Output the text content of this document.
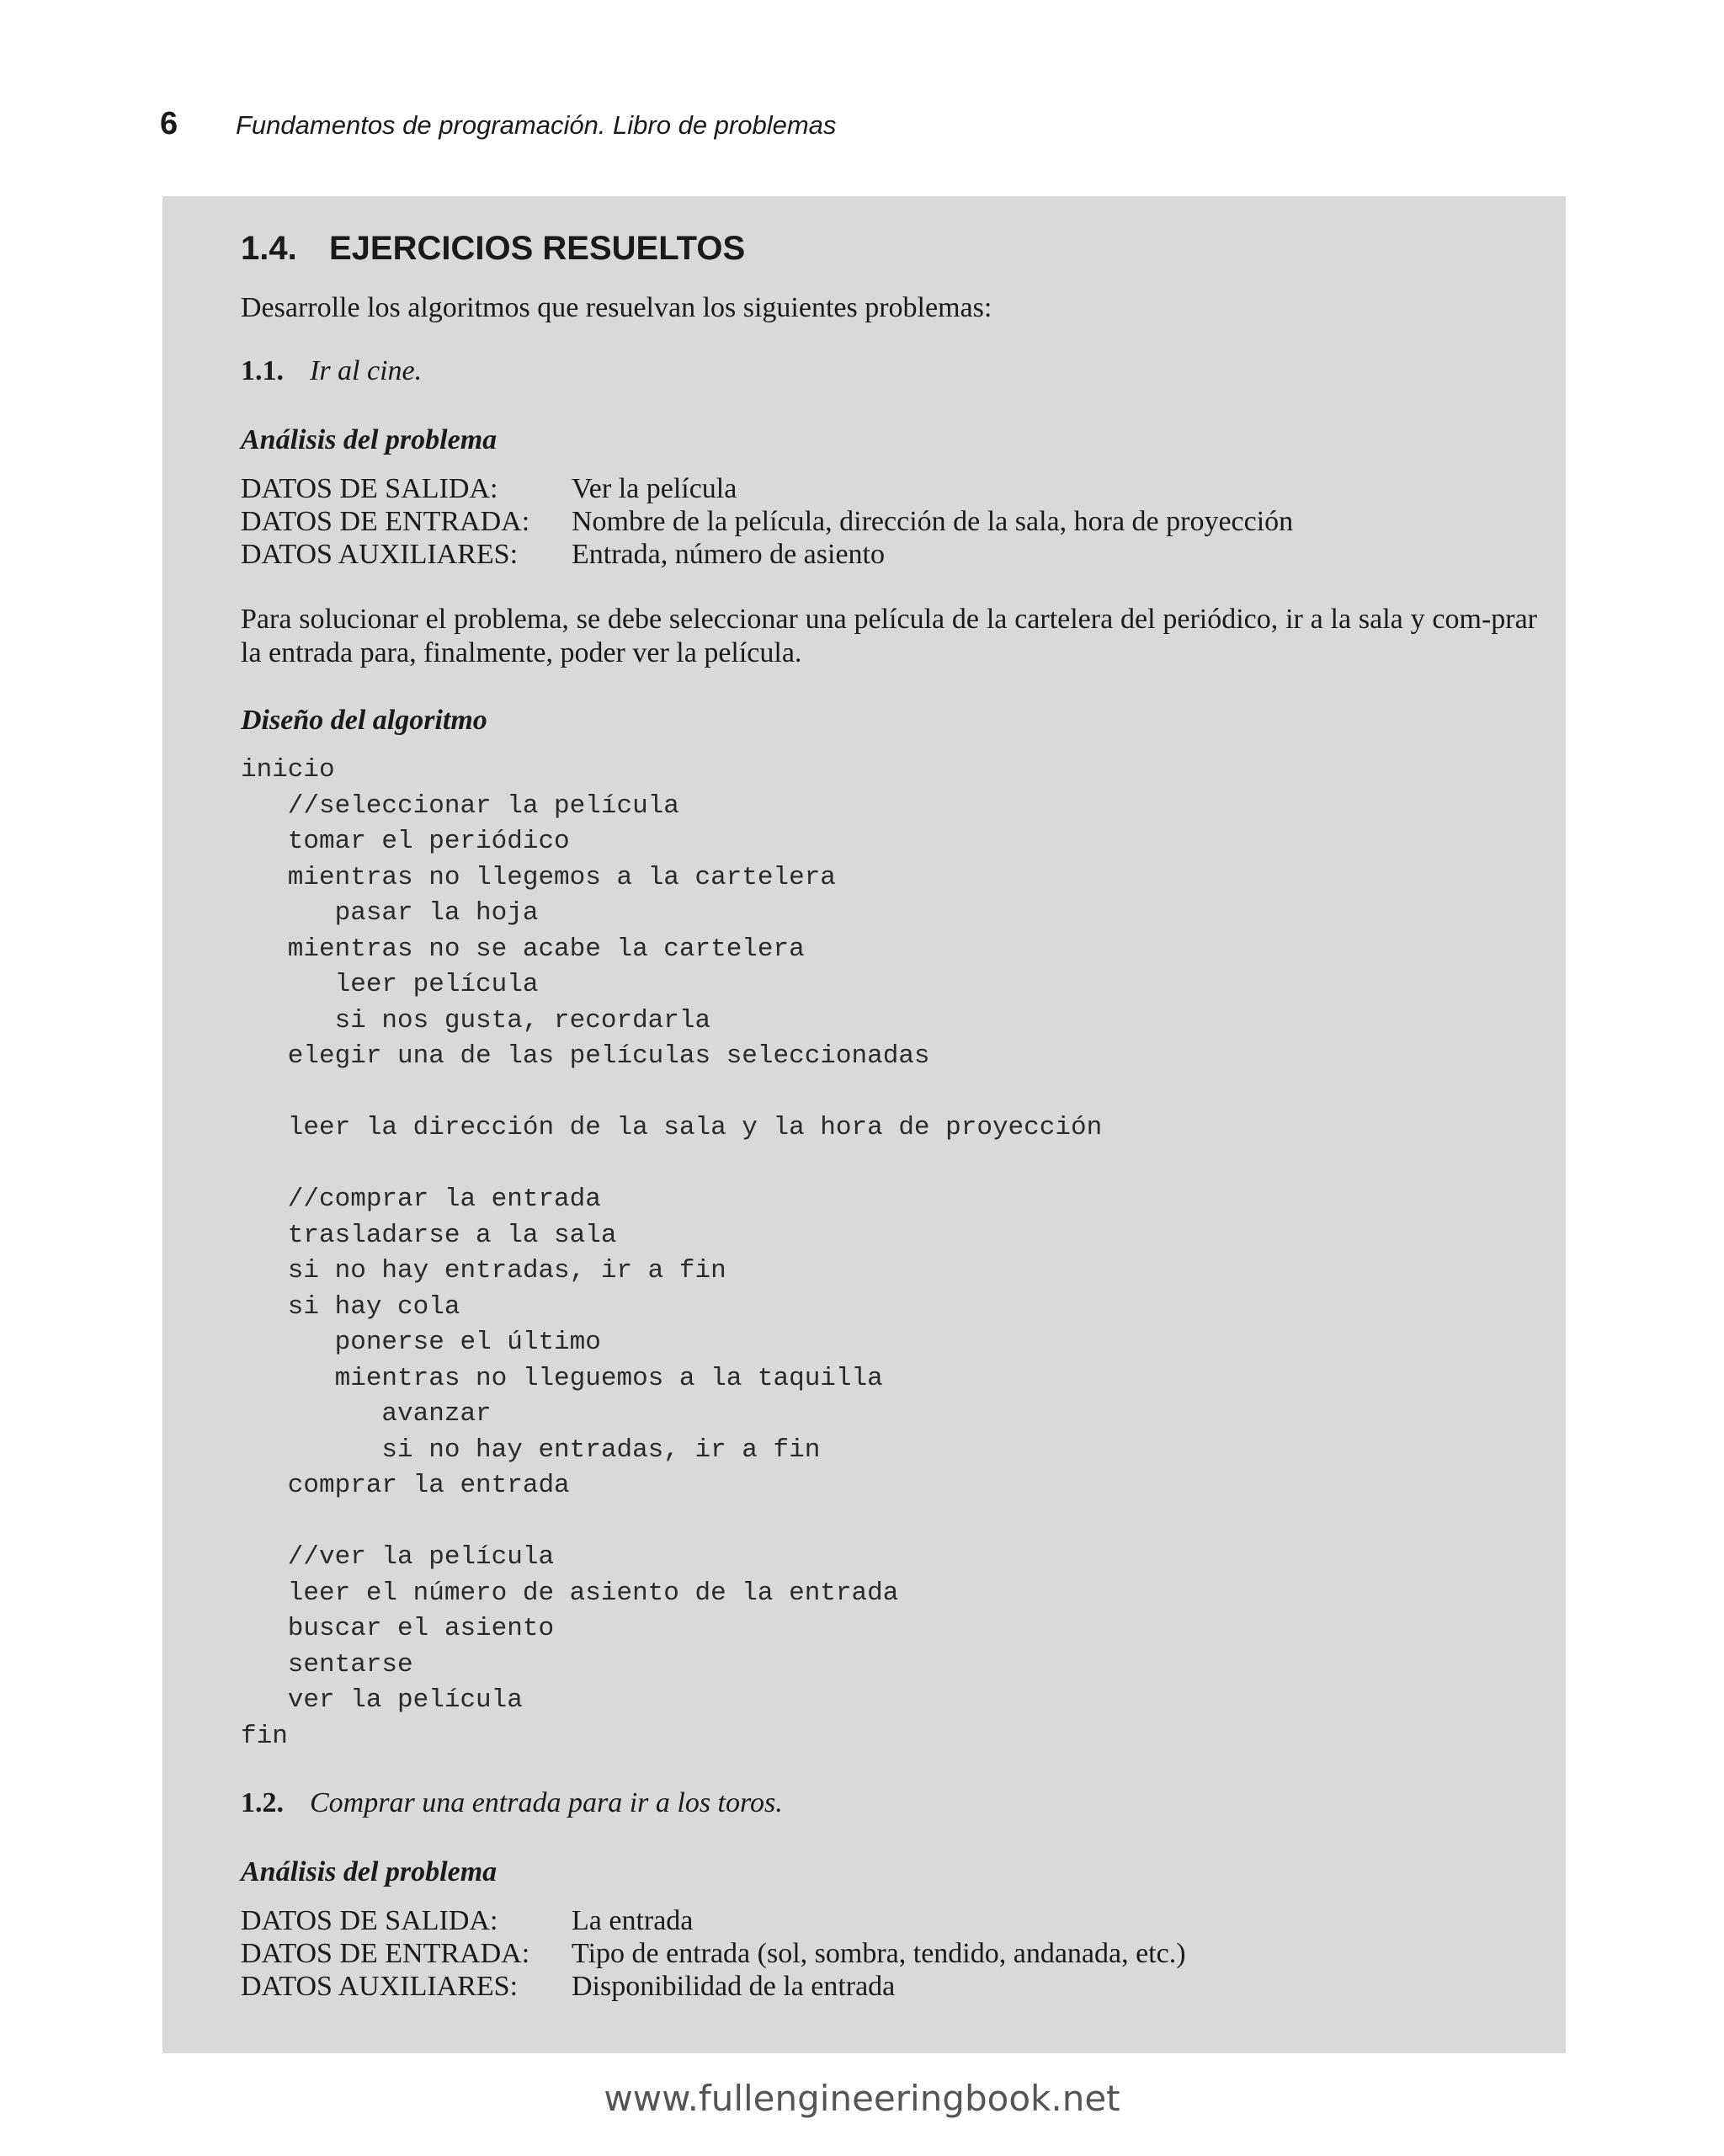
6	Fundamentos de programación. Libro de problemas
1.4. EJERCICIOS RESUELTOS

Desarrolle los algoritmos que resuelvan los siguientes problemas:

1.1. Ir al cine.
Análisis del problema
DATOS DE SALIDA:	Ver la película
DATOS DE ENTRADA:	Nombre de la película, dirección de la sala, hora de proyección
DATOS AUXILIARES:	Entrada, número de asiento

Para solucionar el problema, se debe seleccionar una película de la cartelera del periódico, ir a la sala y com-prar la entrada para, finalmente, poder ver la película.

Diseño del algoritmo
inicio
//seleccionar la película
tomar el periódico
mientras no llegemos a la cartelera
pasar la hoja
mientras no se acabe la cartelera
leer película
si nos gusta, recordarla
elegir una de las películas seleccionadas
leer la dirección de la sala y la hora de proyección
//comprar la entrada
trasladarse a la sala
si no hay entradas, ir a fin
si hay cola
ponerse el último
mientras no lleguemos a la taquilla
avanzar
si no hay entradas, ir a fin
comprar la entrada
//ver la película
leer el número de asiento de la entrada
buscar el asiento
sentarse
ver la película
fin
1.2. Comprar una entrada para ir a los toros.
Análisis del problema
DATOS DE SALIDA:	La entrada
DATOS DE ENTRADA:	Tipo de entrada (sol, sombra, tendido, andanada, etc.)
DATOS AUXILIARES:	Disponibilidad de la entrada
www.fullengineeringbook.net
